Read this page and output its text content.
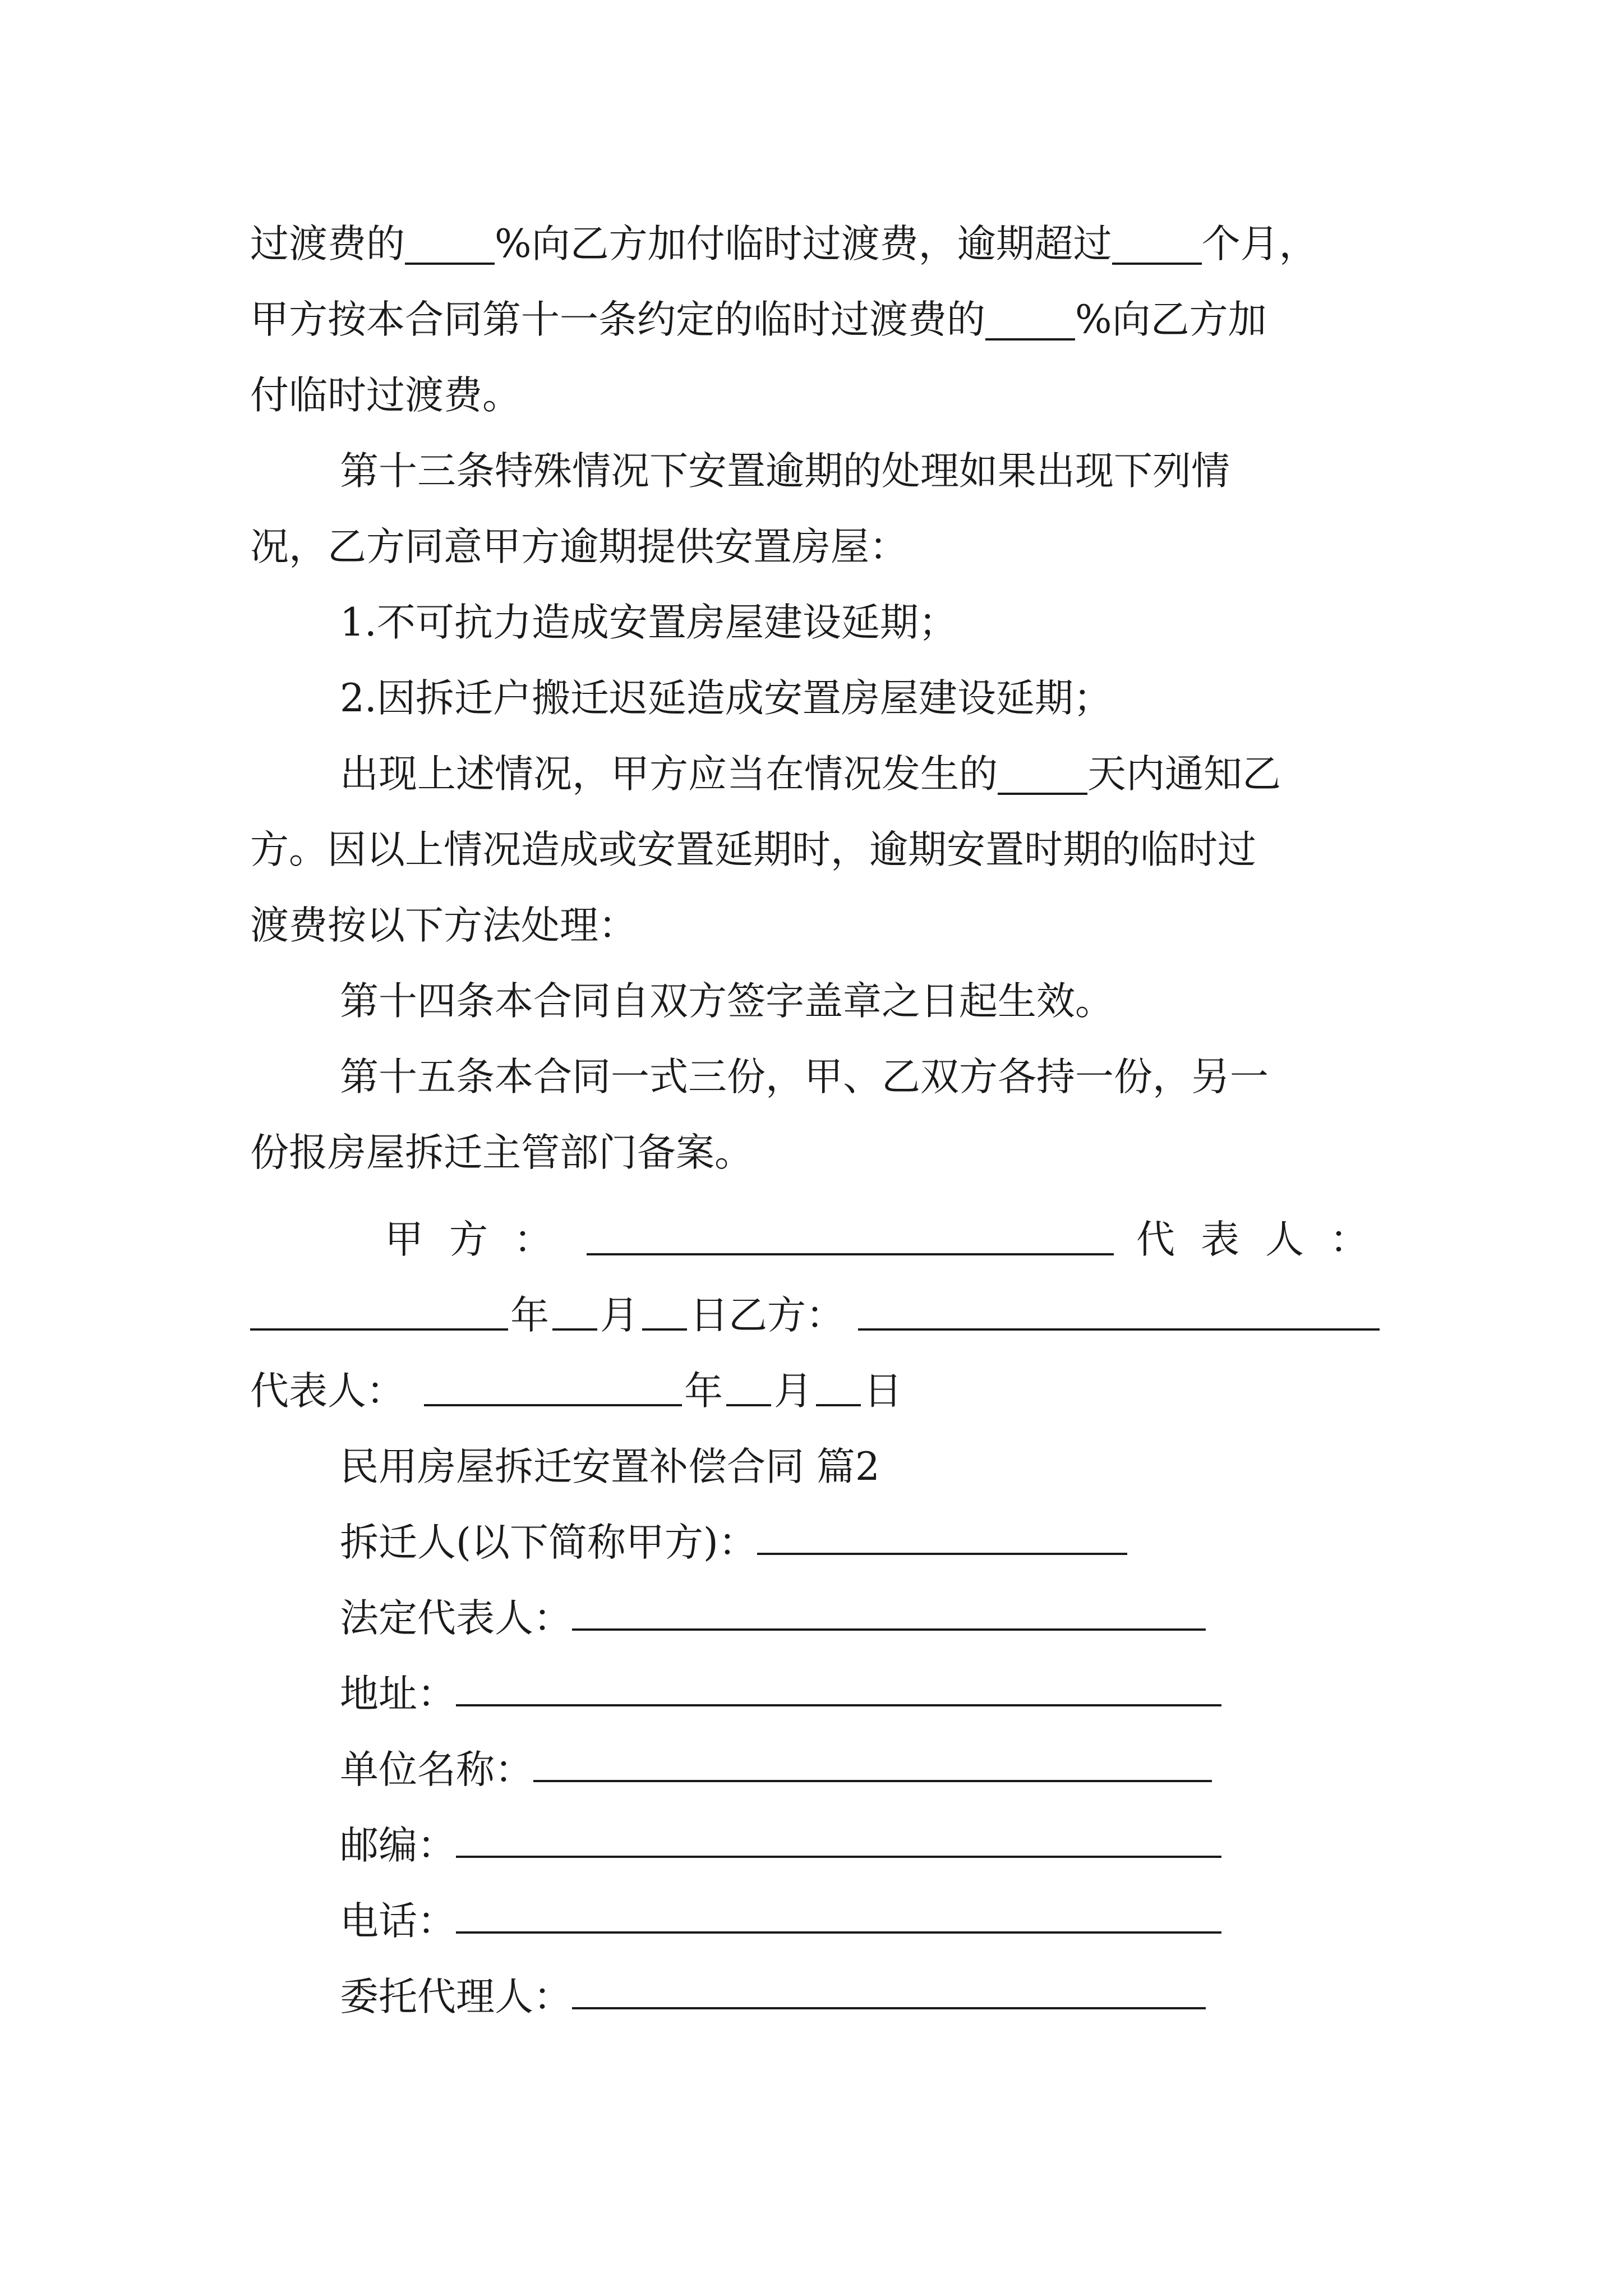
过渡费的 %向乙方加付临时过渡费，逾期超过 个月，
甲方按本合同第十一条约定的临时过渡费的 %向乙方加
付临时过渡费。
第十三条特殊情况下安置逾期的处理如果出现下列情
况，乙方同意甲方逾期提供安置房屋：
1.不可抗力造成安置房屋建设延期；
2.因拆迁户搬迁迟延造成安置房屋建设延期；
出现上述情况，甲方应当在情况发生的 天内通知乙
方。因以上情况造成或安置延期时，逾期安置时期的临时过
渡费按以下方法处理：
第十四条本合同自双方签字盖章之日起生效。
第十五条本合同一式三份，甲、乙双方各持一份，另一
份报房屋拆迁主管部门备案。
甲方：	代表人：
年 月 日乙方：
代表人：	年 月 日
民用房屋拆迁安置补偿合同 篇2
拆迁人(以下简称甲方)：
法定代表人：
地址：
单位名称：
邮编：
电话：
委托代理人：
